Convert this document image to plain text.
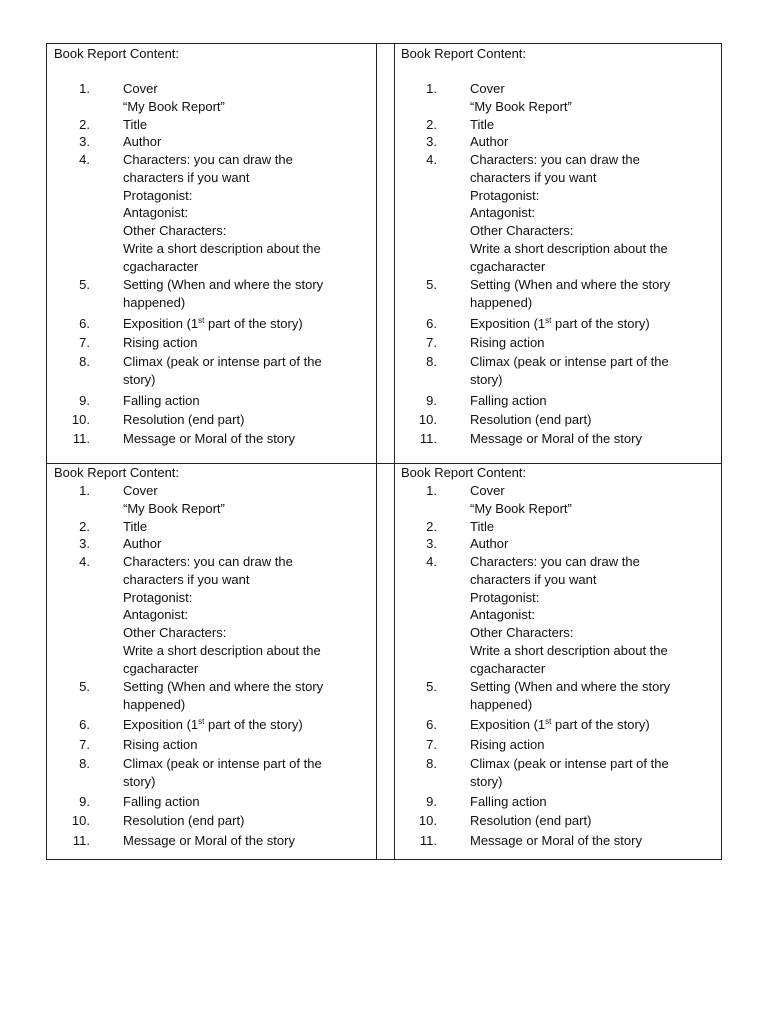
Book Report Content:
1.	Cover
“My Book Report”
2.	Title
3.	Author
4.	Characters: you can draw the
characters if you want
Protagonist:
Antagonist:
Other Characters:
Write a short description about the
cgacharacter
5.	Setting (When and where the story
happened)
6.	Exposition (1st part of the story)
7.	Rising action
8.	Climax (peak or intense part of the
story)
9.	Falling action
10.	Resolution (end part)
11.	Message or Moral of the story
Book Report Content:
1.	Cover
“My Book Report”
2.	Title
3.	Author
4.	Characters: you can draw the
characters if you want
Protagonist:
Antagonist:
Other Characters:
Write a short description about the
cgacharacter
5.	Setting (When and where the story
happened)
6.	Exposition (1st part of the story)
7.	Rising action
8.	Climax (peak or intense part of the
story)
9.	Falling action
10.	Resolution (end part)
11.	Message or Moral of the story
Book Report Content:
1.	Cover
“My Book Report”
2.	Title
3.	Author
4.	Characters: you can draw the
characters if you want
Protagonist:
Antagonist:
Other Characters:
Write a short description about the
cgacharacter
5.	Setting (When and where the story
happened)
6.	Exposition (1st part of the story)
7.	Rising action
8.	Climax (peak or intense part of the
story)
9.	Falling action
10.	Resolution (end part)
11.	Message or Moral of the story
Book Report Content:
1.	Cover
“My Book Report”
2.	Title
3.	Author
4.	Characters: you can draw the
characters if you want
Protagonist:
Antagonist:
Other Characters:
Write a short description about the
cgacharacter
5.	Setting (When and where the story
happened)
6.	Exposition (1st part of the story)
7.	Rising action
8.	Climax (peak or intense part of the
story)
9.	Falling action
10.	Resolution (end part)
11.	Message or Moral of the story
